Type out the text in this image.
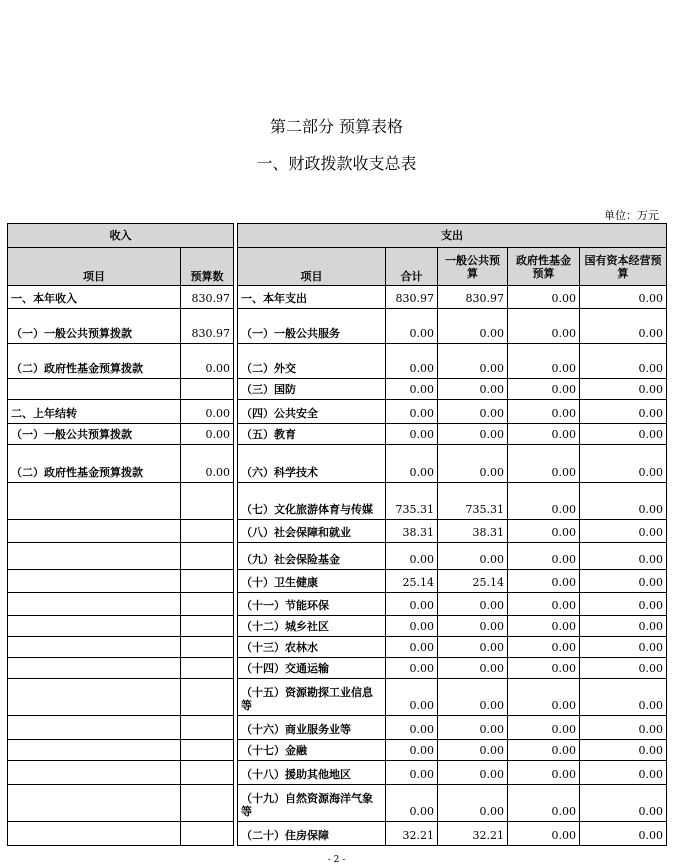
第二部分 预算表格
一、财政拨款收支总表
单位：万元
收入			支出				
项目	预算数		项目	合计	一般公共预算	政府性基金预算	国有资本经营预算
一、本年收入	830.97		一、本年支出	830.97	830.97	0.00	0.00
（一）一般公共预算拨款	830.97		（一）一般公共服务	0.00	0.00	0.00	0.00
（二）政府性基金预算拨款	0.00		（二）外交	0.00	0.00	0.00	0.00
			（三）国防	0.00	0.00	0.00	0.00
二、上年结转	0.00		（四）公共安全	0.00	0.00	0.00	0.00
（一）一般公共预算拨款	0.00		（五）教育	0.00	0.00	0.00	0.00
（二）政府性基金预算拨款	0.00		（六）科学技术	0.00	0.00	0.00	0.00
			（七）文化旅游体育与传媒	735.31	735.31	0.00	0.00
			（八）社会保障和就业	38.31	38.31	0.00	0.00
			（九）社会保险基金	0.00	0.00	0.00	0.00
			（十）卫生健康	25.14	25.14	0.00	0.00
			（十一）节能环保	0.00	0.00	0.00	0.00
			（十二）城乡社区	0.00	0.00	0.00	0.00
			（十三）农林水	0.00	0.00	0.00	0.00
			（十四）交通运输	0.00	0.00	0.00	0.00
			（十五）资源勘探工业信息等	0.00	0.00	0.00	0.00
			（十六）商业服务业等	0.00	0.00	0.00	0.00
			（十七）金融	0.00	0.00	0.00	0.00
			（十八）援助其他地区	0.00	0.00	0.00	0.00
			（十九）自然资源海洋气象等	0.00	0.00	0.00	0.00
			（二十）住房保障	32.21	32.21	0.00	0.00
- 2 -
